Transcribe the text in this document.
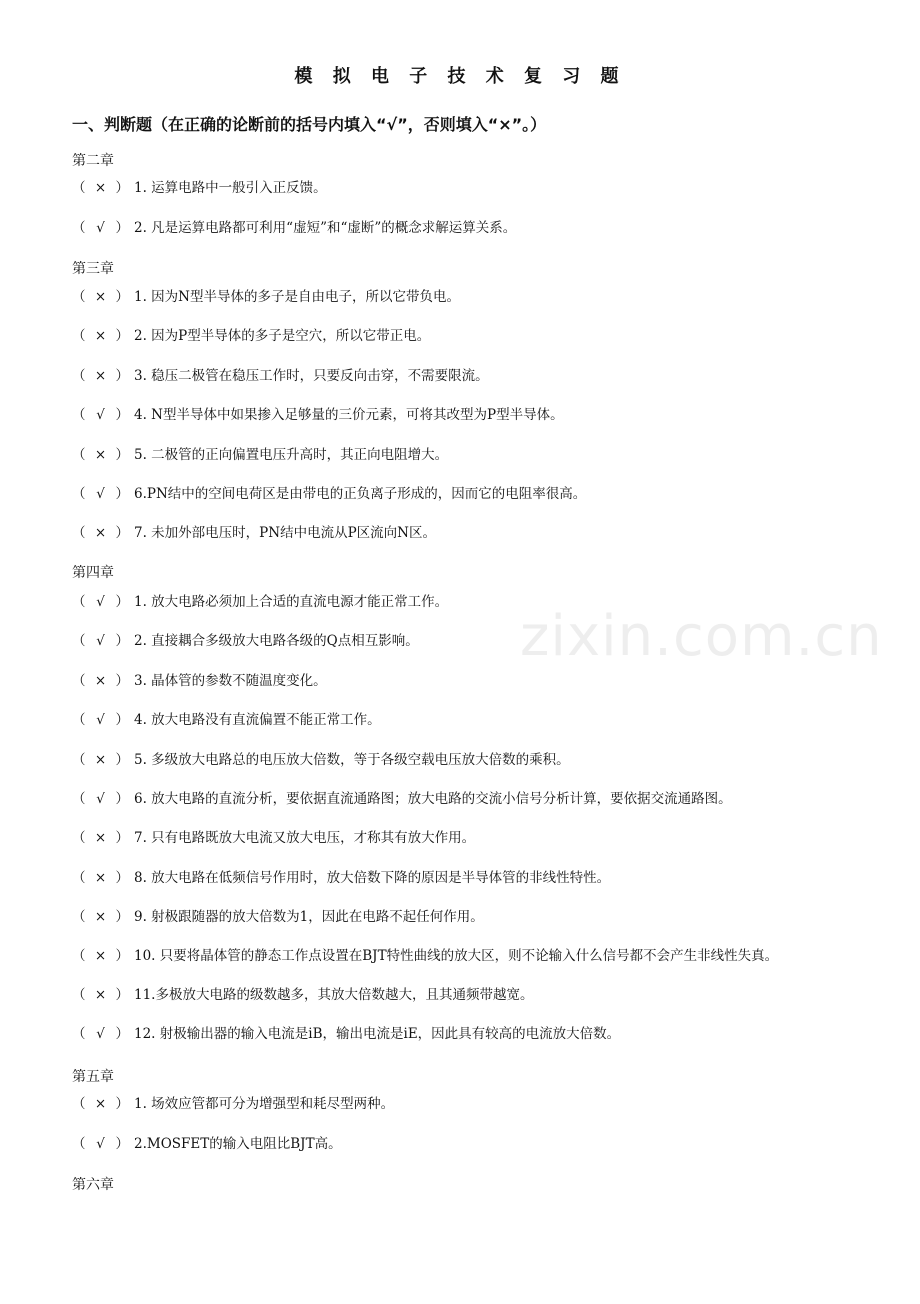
zixin.com.cn
模 拟 电 子 技 术 复 习 题
一、判断题（在正确的论断前的括号内填入“√”，否则填入“×”。）
第二章
（ × ） 1. 运算电路中一般引入正反馈。
（ √ ） 2. 凡是运算电路都可利用“虚短”和“虚断”的概念求解运算关系。
第三章
（ × ） 1. 因为N型半导体的多子是自由电子，所以它带负电。
（ × ） 2. 因为P型半导体的多子是空穴，所以它带正电。
（ × ） 3. 稳压二极管在稳压工作时，只要反向击穿，不需要限流。
（ √ ） 4. N型半导体中如果掺入足够量的三价元素，可将其改型为P型半导体。
（ × ） 5. 二极管的正向偏置电压升高时，其正向电阻增大。
（ √ ） 6.PN结中的空间电荷区是由带电的正负离子形成的，因而它的电阻率很高。
（ × ） 7. 未加外部电压时，PN结中电流从P区流向N区。
第四章
（ √ ） 1. 放大电路必须加上合适的直流电源才能正常工作。
（ √ ） 2. 直接耦合多级放大电路各级的Q点相互影响。
（ × ） 3. 晶体管的参数不随温度变化。
（ √ ） 4. 放大电路没有直流偏置不能正常工作。
（ × ） 5. 多级放大电路总的电压放大倍数，等于各级空载电压放大倍数的乘积。
（ √ ） 6. 放大电路的直流分析，要依据直流通路图；放大电路的交流小信号分析计算，要依据交流通路图。
（ × ） 7. 只有电路既放大电流又放大电压，才称其有放大作用。
（ × ） 8. 放大电路在低频信号作用时，放大倍数下降的原因是半导体管的非线性特性。
（ × ） 9. 射极跟随器的放大倍数为1，因此在电路不起任何作用。
（ × ） 10. 只要将晶体管的静态工作点设置在BJT特性曲线的放大区，则不论输入什么信号都不会产生非线性失真。
（ × ） 11.多极放大电路的级数越多，其放大倍数越大，且其通频带越宽。
（ √ ） 12. 射极输出器的输入电流是iB，输出电流是iE，因此具有较高的电流放大倍数。
第五章
（ × ） 1. 场效应管都可分为增强型和耗尽型两种。
（ √ ） 2.MOSFET的输入电阻比BJT高。
第六章
